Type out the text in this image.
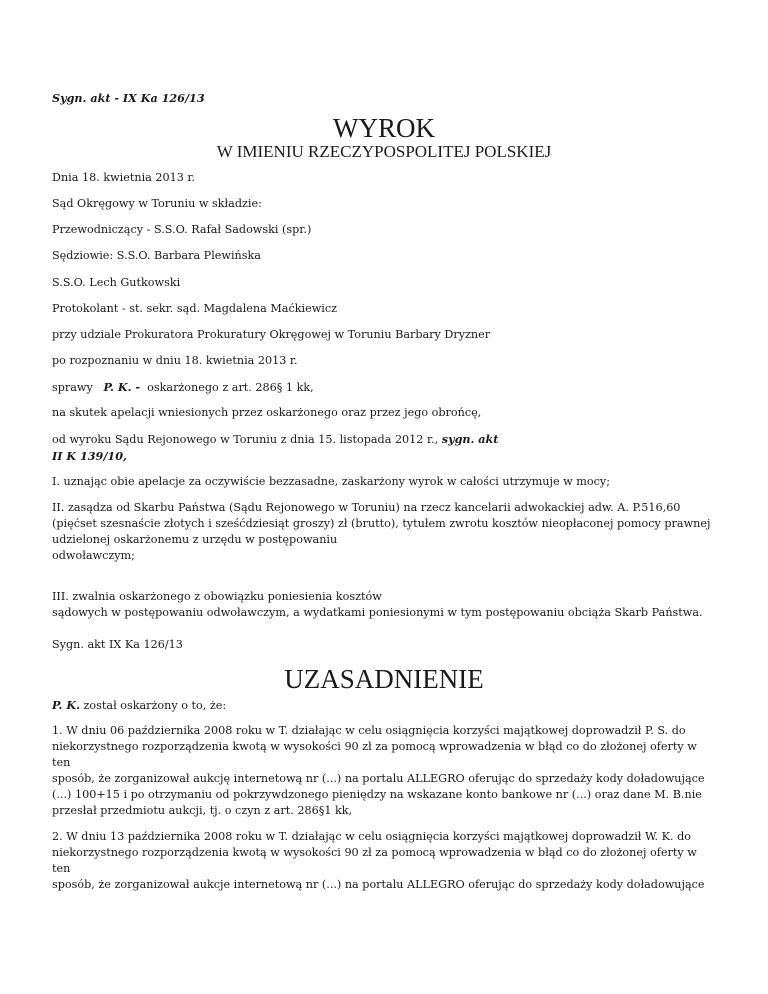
Sygn. akt - IX Ka 126/13
WYROK
W IMIENIU RZECZYPOSPOLITEJ POLSKIEJ

Dnia 18. kwietnia 2013 r.

Sąd Okręgowy w Toruniu w składzie:

Przewodniczący - S.S.O. Rafał Sadowski (spr.)

Sędziowie: S.S.O. Barbara Plewińska

S.S.O. Lech Gutkowski

Protokolant - st. sekr. sąd. Magdalena Maćkiewicz

przy udziale Prokuratora Prokuratury Okręgowej w Toruniu Barbary Dryzner

po rozpoznaniu w dniu 18. kwietnia 2013 r.

sprawy P. K. - oskarżonego z art. 286§ 1 kk,

na skutek apelacji wniesionych przez oskarżonego oraz przez jego obrońcę,

od wyroku Sądu Rejonowego w Toruniu z dnia 15. listopada 2012 r., sygn. akt
II K 139/10,

I. uznając obie apelacje za oczywiście bezzasadne, zaskarżony wyrok w całości utrzymuje w mocy;

II. zasądza od Skarbu Państwa (Sądu Rejonowego w Toruniu) na rzecz kancelarii adwokackiej adw. A. P.516,60
(pięćset szesnaście złotych i sześćdziesiąt groszy) zł (brutto), tytułem zwrotu kosztów nieopłaconej pomocy prawnej
udzielonej oskarżonemu z urzędu w postępowaniu
odwoławczym;
III. zwalnia oskarżonego z obowiązku poniesienia kosztów
sądowych w postępowaniu odwoławczym, a wydatkami poniesionymi w tym postępowaniu obciąża Skarb Państwa.

Sygn. akt IX Ka 126/13

UZASADNIENIE

P. K. został oskarżony o to, że:

1. W dniu 06 października 2008 roku w T. działając w celu osiągnięcia korzyści majątkowej doprowadził P. S. do
niekorzystnego rozporządzenia kwotą w wysokości 90 zł za pomocą wprowadzenia w błąd co do złożonej oferty w ten
sposób, że zorganizował aukcję internetową nr (...) na portalu ALLEGRO oferując do sprzedaży kody doładowujące
(...) 100+15 i po otrzymaniu od pokrzywdzonego pieniędzy na wskazane konto bankowe nr (...) oraz dane M. B.nie
przesłał przedmiotu aukcji, tj. o czyn z art. 286§1 kk,
2. W dniu 13 października 2008 roku w T. działając w celu osiągnięcia korzyści majątkowej doprowadził W. K. do
niekorzystnego rozporządzenia kwotą w wysokości 90 zł za pomocą wprowadzenia w błąd co do złożonej oferty w ten
sposób, że zorganizował aukcje internetową nr (...) na portalu ALLEGRO oferując do sprzedaży kody doładowujące
